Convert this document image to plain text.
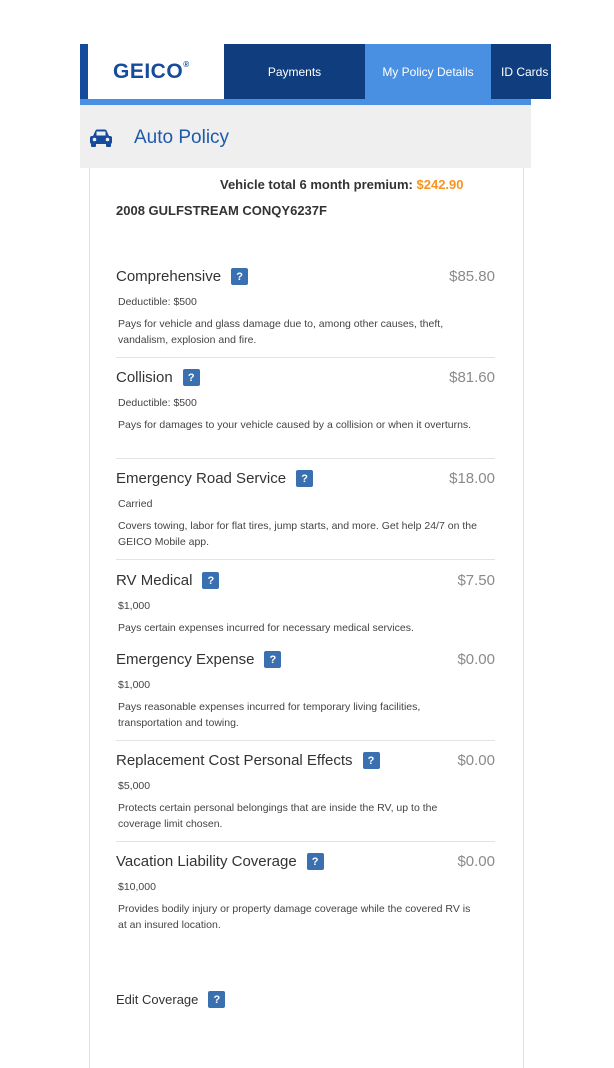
GEICO®	Payments	My Policy Details	ID Cards
Auto Policy
Vehicle total 6 month premium: $242.90
2008 GULFSTREAM CONQY6237F
Comprehensive	?	$85.80
Deductible: $500
Pays for vehicle and glass damage due to, among other causes, theft, vandalism, explosion and fire.
Collision	?	$81.60
Deductible: $500
Pays for damages to your vehicle caused by a collision or when it overturns.
Emergency Road Service	?	$18.00
Carried
Covers towing, labor for flat tires, jump starts, and more. Get help 24/7 on the GEICO Mobile app.
RV Medical	?	$7.50
$1,000
Pays certain expenses incurred for necessary medical services.
Emergency Expense	?	$0.00
$1,000
Pays reasonable expenses incurred for temporary living facilities, transportation and towing.
Replacement Cost Personal Effects	?	$0.00
$5,000
Protects certain personal belongings that are inside the RV, up to the coverage limit chosen.
Vacation Liability Coverage	?	$0.00
$10,000
Provides bodily injury or property damage coverage while the covered RV is at an insured location.
Edit Coverage	?
